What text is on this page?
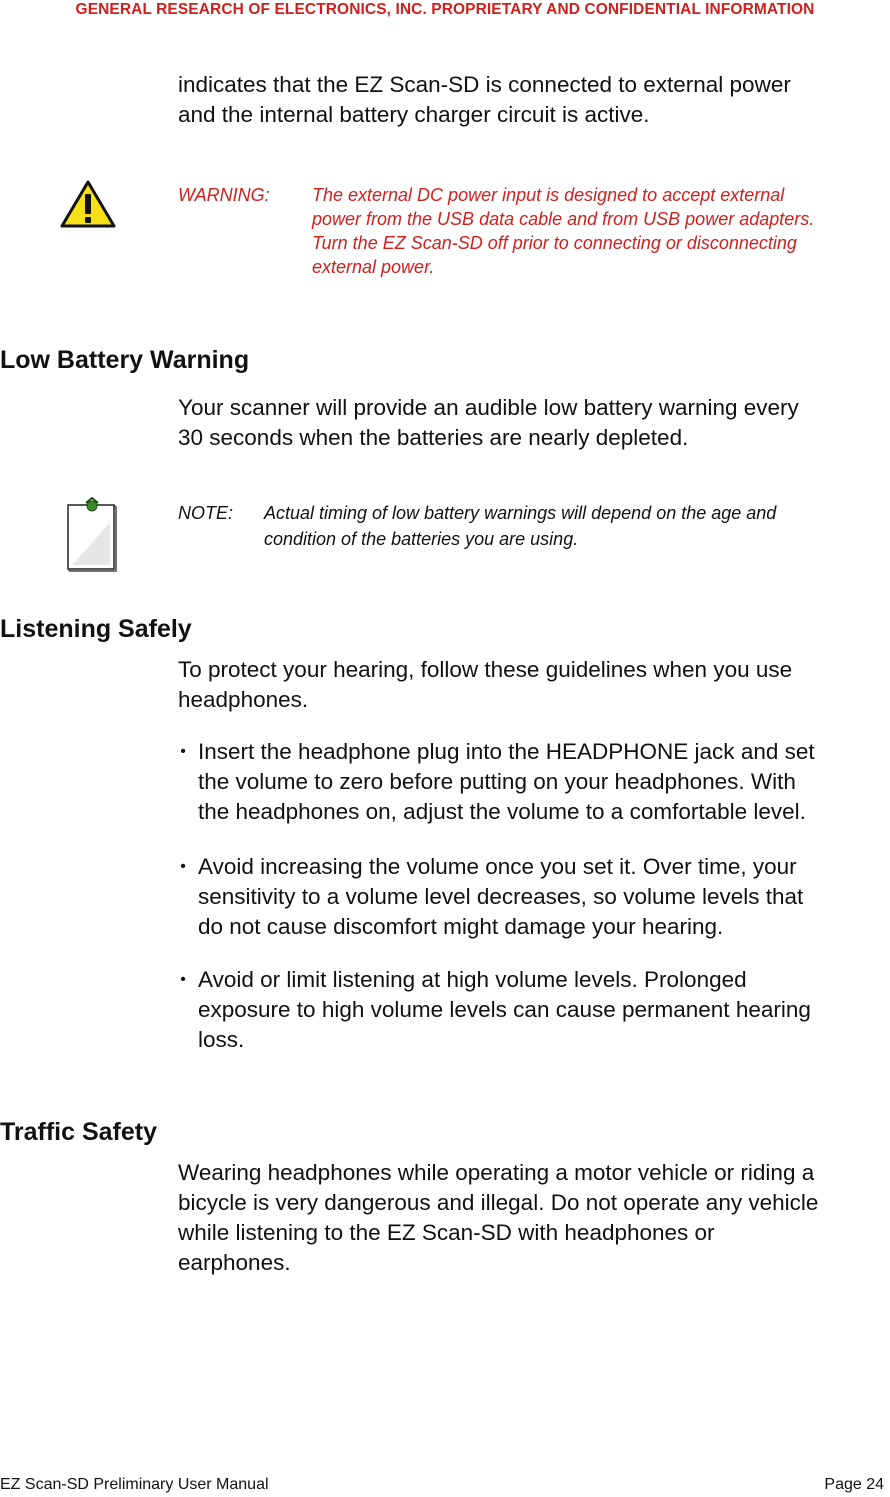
GENERAL RESEARCH OF ELECTRONICS, INC. PROPRIETARY AND CONFIDENTIAL INFORMATION

indicates that the EZ Scan-SD is connected to external power
and the internal battery charger circuit is active.

WARNING: The external DC power input is designed to accept external
power from the USB data cable and from USB power adapters.
Turn the EZ Scan-SD off prior to connecting or disconnecting
external power.

Low Battery Warning

Your scanner will provide an audible low battery warning every
30 seconds when the batteries are nearly depleted.

NOTE: Actual timing of low battery warnings will depend on the age and
condition of the batteries you are using.

Listening Safely

To protect your hearing, follow these guidelines when you use
headphones.

• Insert the headphone plug into the HEADPHONE jack and set
the volume to zero before putting on your headphones. With
the headphones on, adjust the volume to a comfortable level.
• Avoid increasing the volume once you set it. Over time, your
sensitivity to a volume level decreases, so volume levels that
do not cause discomfort might damage your hearing.
• Avoid or limit listening at high volume levels. Prolonged
exposure to high volume levels can cause permanent hearing
loss.
Traffic Safety

Wearing headphones while operating a motor vehicle or riding a
bicycle is very dangerous and illegal. Do not operate any vehicle
while listening to the EZ Scan-SD with headphones or
earphones.

EZ Scan-SD Preliminary User Manual	Page 24
